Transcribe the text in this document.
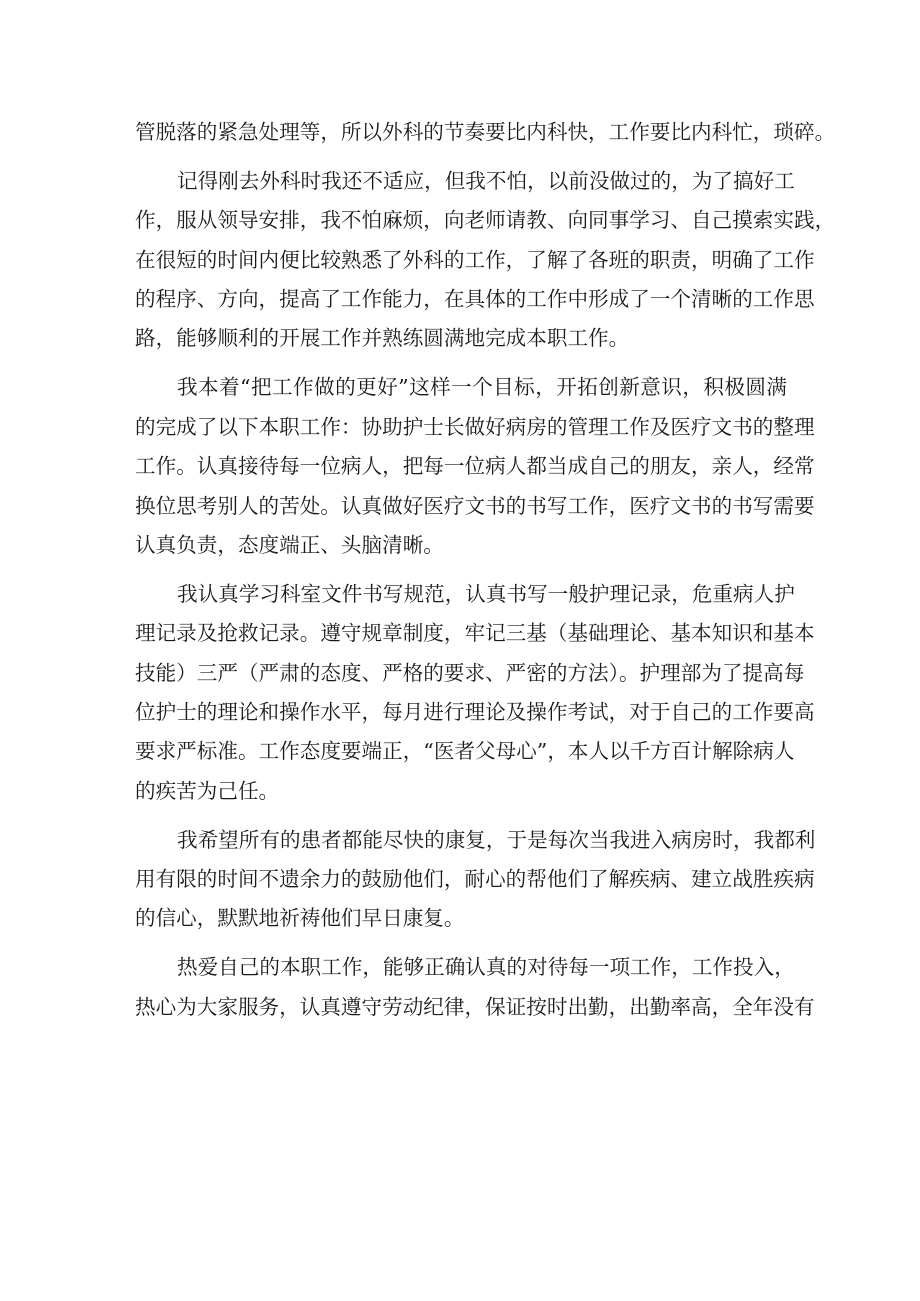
管脱落的紧急处理等，所以外科的节奏要比内科快，工作要比内科忙，琐碎。
记得刚去外科时我还不适应，但我不怕，以前没做过的，为了搞好工
作，服从领导安排，我不怕麻烦，向老师请教、向同事学习、自己摸索实践，
在很短的时间内便比较熟悉了外科的工作，了解了各班的职责，明确了工作
的程序、方向，提高了工作能力，在具体的工作中形成了一个清晰的工作思
路，能够顺利的开展工作并熟练圆满地完成本职工作。
我本着“把工作做的更好”这样一个目标，开拓创新意识，积极圆满
的完成了以下本职工作：协助护士长做好病房的管理工作及医疗文书的整理
工作。认真接待每一位病人，把每一位病人都当成自己的朋友，亲人，经常
换位思考别人的苦处。认真做好医疗文书的书写工作，医疗文书的书写需要
认真负责，态度端正、头脑清晰。
我认真学习科室文件书写规范，认真书写一般护理记录，危重病人护
理记录及抢救记录。遵守规章制度，牢记三基（基础理论、基本知识和基本
技能）三严（严肃的态度、严格的要求、严密的方法）。护理部为了提高每
位护士的理论和操作水平，每月进行理论及操作考试，对于自己的工作要高
要求严标准。工作态度要端正，“医者父母心”，本人以千方百计解除病人
的疾苦为己任。
我希望所有的患者都能尽快的康复，于是每次当我进入病房时，我都利
用有限的时间不遗余力的鼓励他们，耐心的帮他们了解疾病、建立战胜疾病
的信心，默默地祈祷他们早日康复。
热爱自己的本职工作，能够正确认真的对待每一项工作，工作投入，
热心为大家服务，认真遵守劳动纪律，保证按时出勤，出勤率高，全年没有
